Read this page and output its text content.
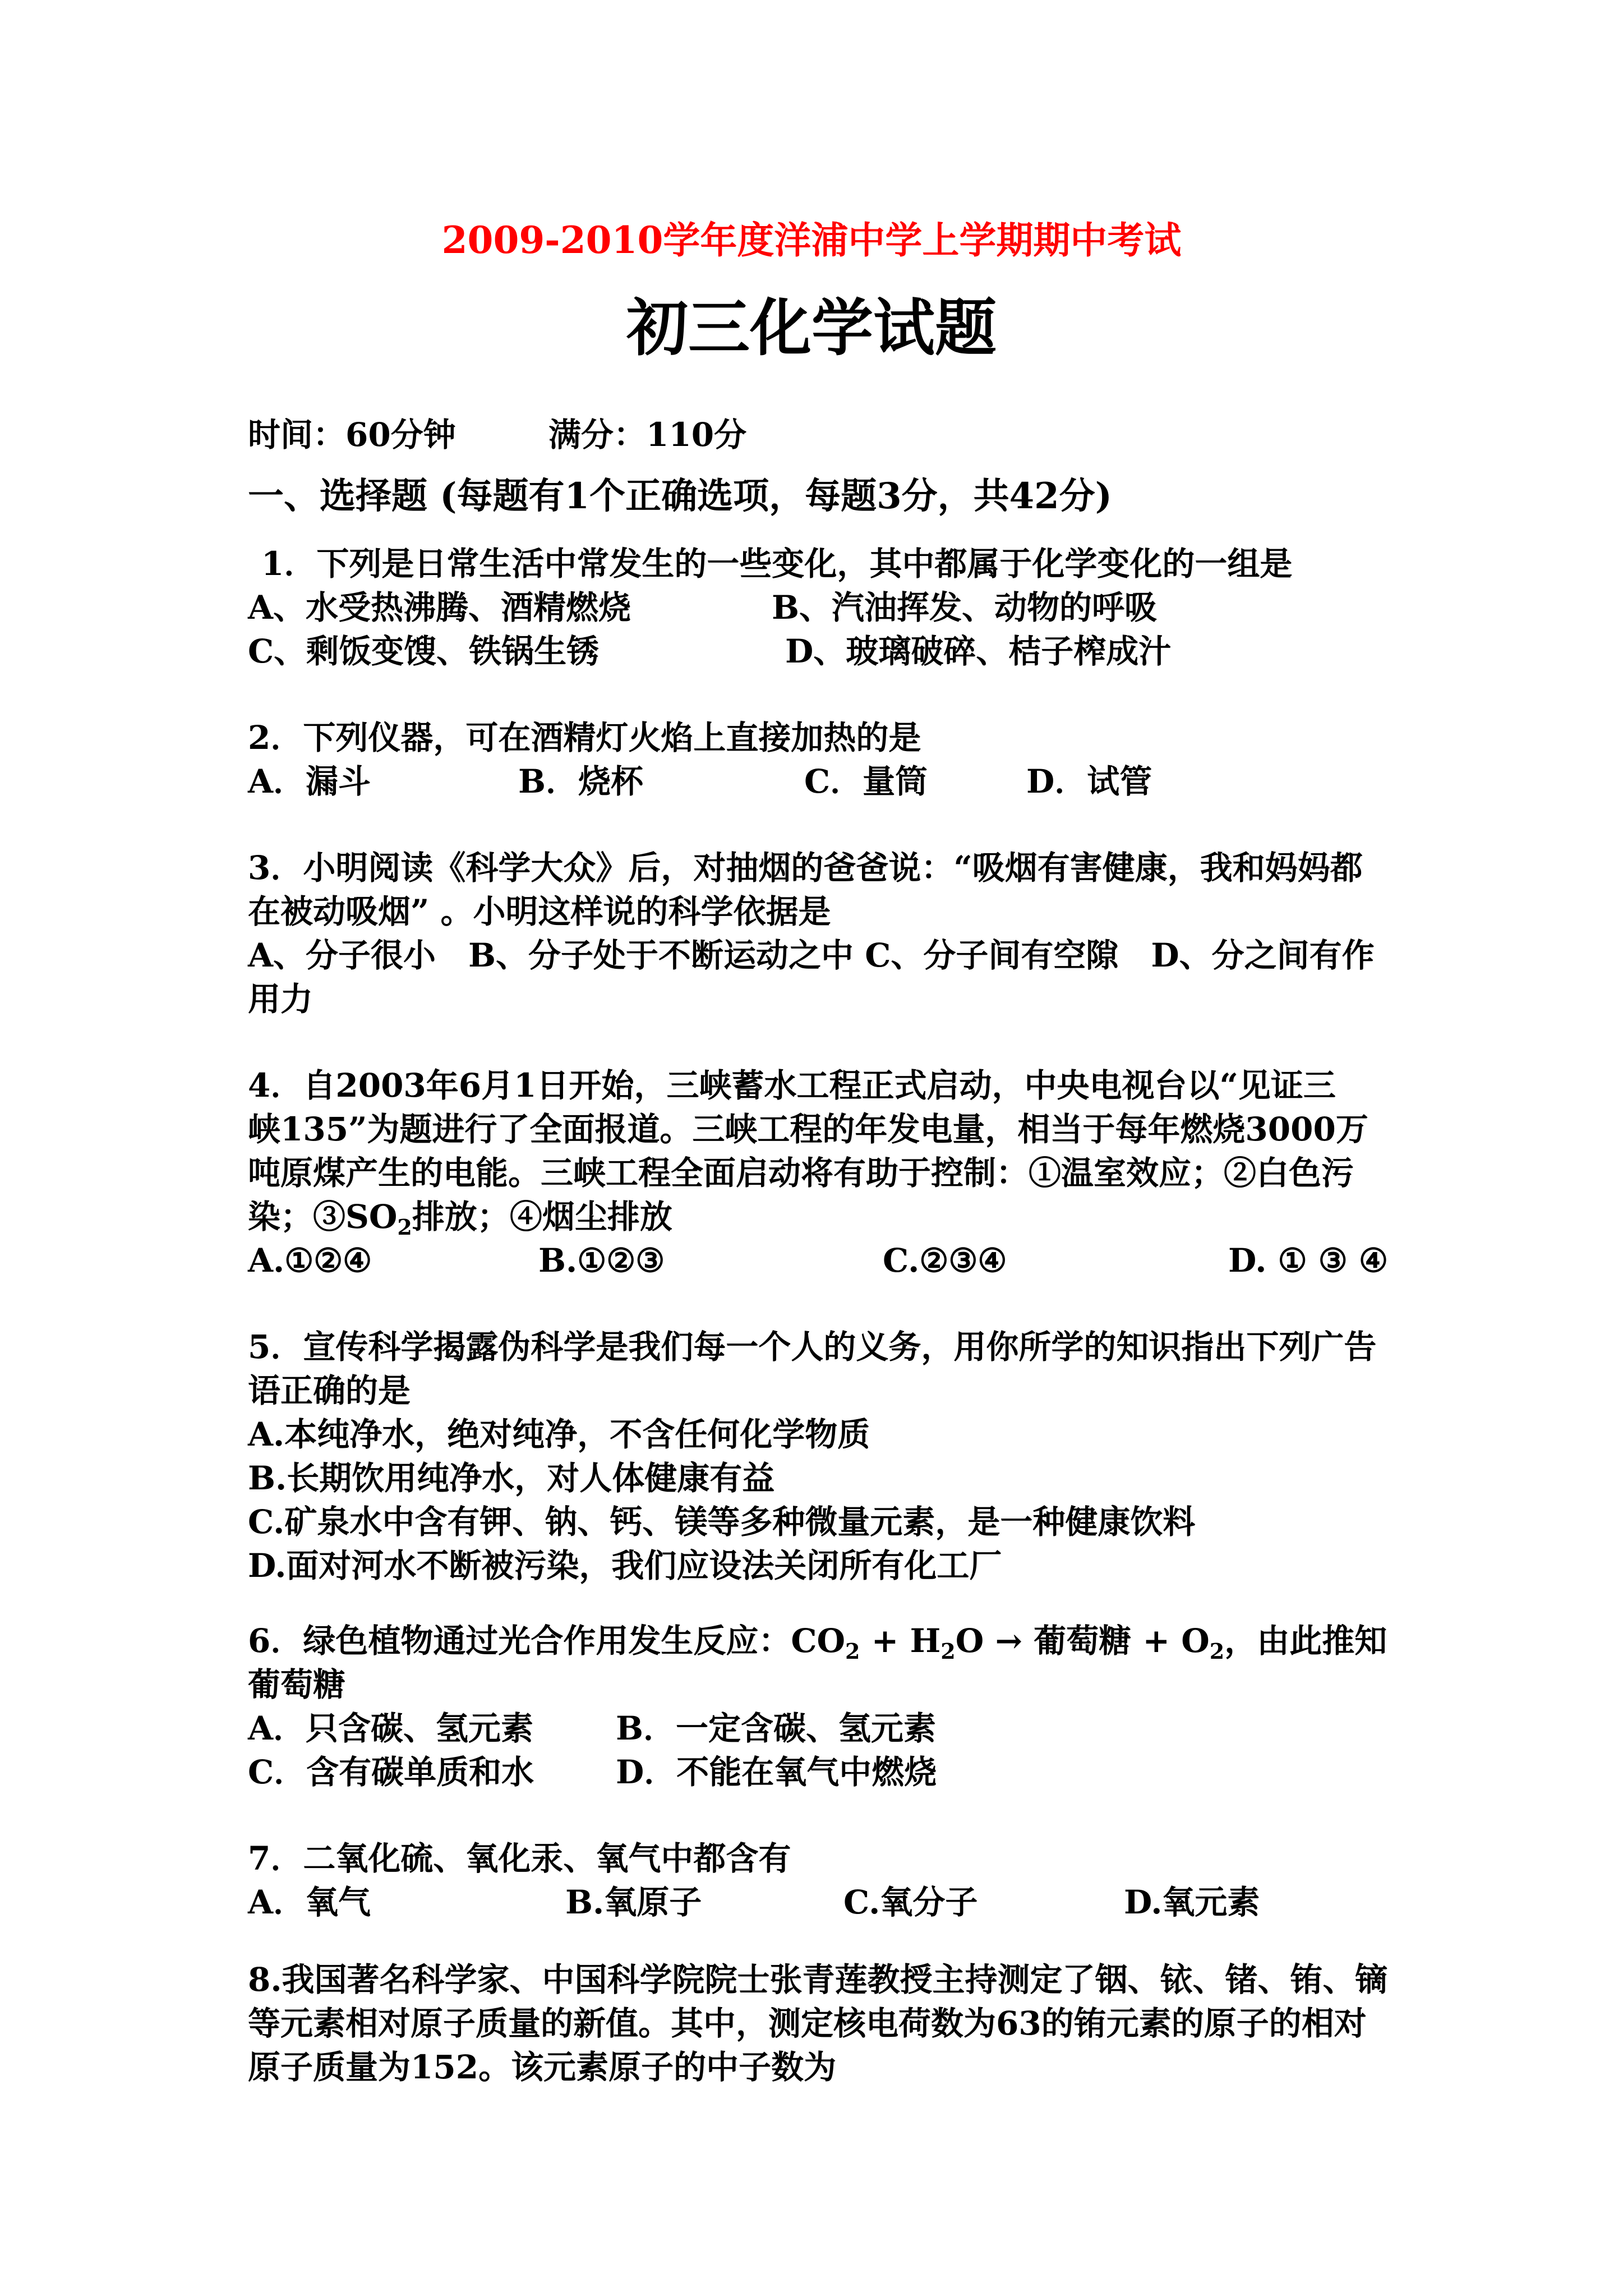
2009-2010学年度洋浦中学上学期期中考试
初三化学试题
时间：60分钟	满分：110分
一、选择题 (每题有1个正确选项，每题3分，共42分)
1．下列是日常生活中常发生的一些变化，其中都属于化学变化的一组是
A、水受热沸腾、酒精燃烧	B、汽油挥发、动物的呼吸
C、剩饭变馊、铁锅生锈	D、玻璃破碎、桔子榨成汁
2．下列仪器，可在酒精灯火焰上直接加热的是
A．漏斗	B．烧杯	C．量筒	D．试管
3．小明阅读《科学大众》后，对抽烟的爸爸说：“吸烟有害健康，我和妈妈都
在被动吸烟” 。小明这样说的科学依据是
A、分子很小　B、分子处于不断运动之中 C、分子间有空隙　D、分之间有作
用力
4．自2003年6月1日开始，三峡蓄水工程正式启动，中央电视台以“见证三
峡135”为题进行了全面报道。三峡工程的年发电量，相当于每年燃烧3000万
吨原煤产生的电能。三峡工程全面启动将有助于控制：①温室效应；②白色污
染；$③SO_2$排放；④烟尘排放
A.①②④	B.①②③	C.②③④	D. ① ③ ④
5．宣传科学揭露伪科学是我们每一个人的义务，用你所学的知识指出下列广告
语正确的是
A.本纯净水，绝对纯净，不含任何化学物质
B.长期饮用纯净水，对人体健康有益
C.矿泉水中含有钾、钠、钙、镁等多种微量元素，是一种健康饮料
D.面对河水不断被污染，我们应设法关闭所有化工厂
6．绿色植物通过光合作用发生反应：$CO_2 + H_2O$ → 葡萄糖 + $O_2$，由此推知
葡萄糖
A．只含碳、氢元素	B．一定含碳、氢元素
C．含有碳单质和水	D．不能在氧气中燃烧
7．二氧化硫、氧化汞、氧气中都含有
A．氧气	B.氧原子	C.氧分子	D.氧元素
8.我国著名科学家、中国科学院院士张青莲教授主持测定了铟、铱、锗、铕、镝
等元素相对原子质量的新值。其中，测定核电荷数为63的铕元素的原子的相对
原子质量为152。该元素原子的中子数为
